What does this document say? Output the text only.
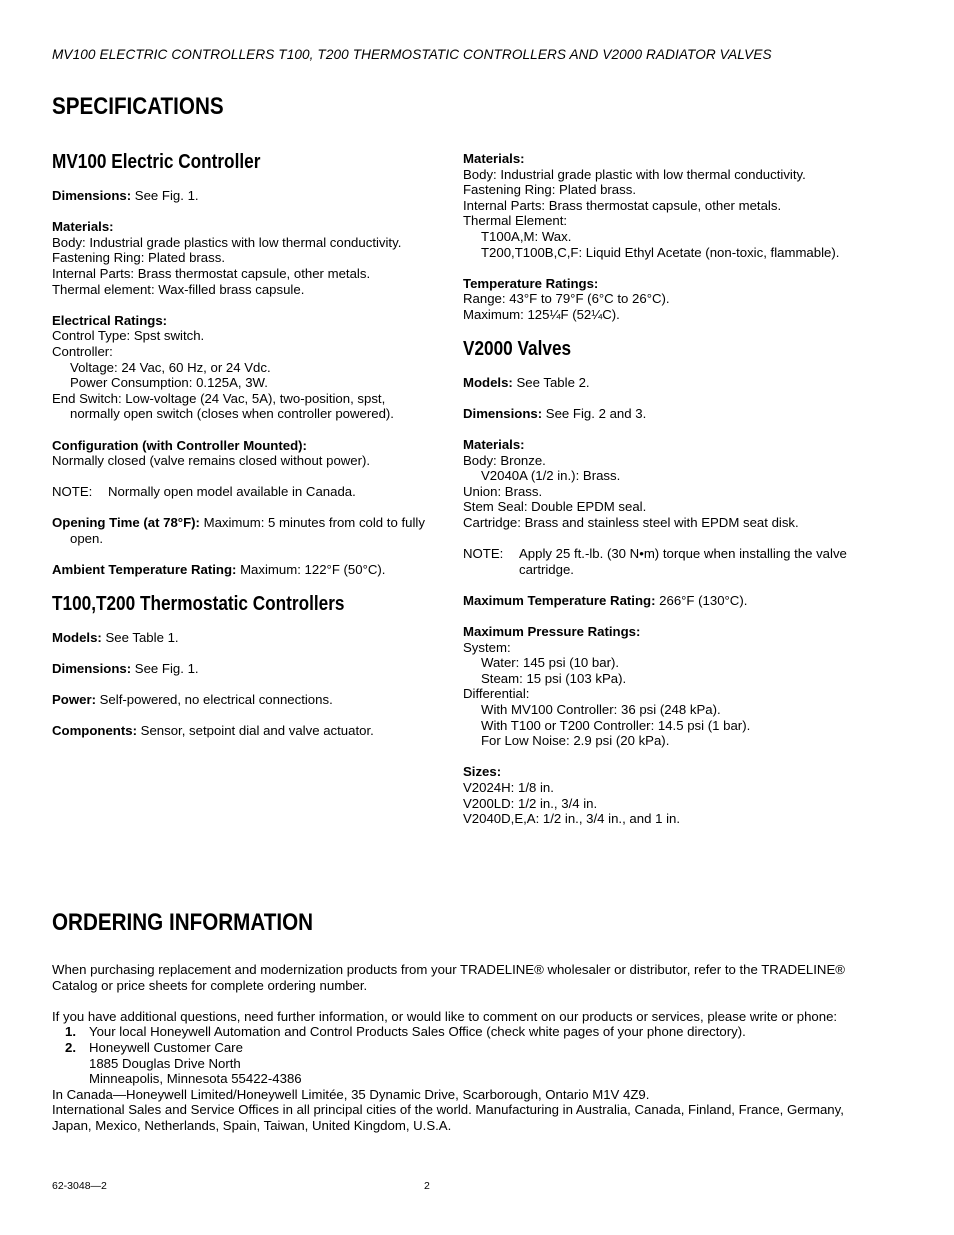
MV100 ELECTRIC CONTROLLERS T100, T200 THERMOSTATIC CONTROLLERS AND V2000 RADIATOR VALVES
SPECIFICATIONS
MV100 Electric Controller

Dimensions: See Fig. 1.

Materials:

Body: Industrial grade plastics with low thermal conductivity.

Fastening Ring: Plated brass.

Internal Parts: Brass thermostat capsule, other metals.

Thermal element: Wax-filled brass capsule.

Electrical Ratings:

Control Type: Spst switch.

Controller:

Voltage: 24 Vac, 60 Hz, or 24 Vdc.

Power Consumption: 0.125A, 3W.

End Switch: Low-voltage (24 Vac, 5A), two-position, spst, normally open switch (closes when controller powered).

Configuration (with Controller Mounted):

Normally closed (valve remains closed without power).

NOTE:	Normally open model available in Canada.

Opening Time (at 78°F): Maximum: 5 minutes from cold to fully open.

Ambient Temperature Rating: Maximum: 122°F (50°C).

T100,T200 Thermostatic Controllers

Models: See Table 1.

Dimensions: See Fig. 1.

Power: Self-powered, no electrical connections.

Components: Sensor, setpoint dial and valve actuator.

Materials:

Body: Industrial grade plastic with low thermal conductivity.

Fastening Ring: Plated brass.

Internal Parts: Brass thermostat capsule, other metals.

Thermal Element:

T100A,M: Wax.

T200,T100B,C,F: Liquid Ethyl Acetate (non-toxic, flammable).

Temperature Ratings:

Range: 43°F to 79°F (6°C to 26°C).

Maximum: 125¼F (52¼C).

V2000 Valves

Models: See Table 2.

Dimensions: See Fig. 2 and 3.

Materials:

Body: Bronze.

V2040A (1/2 in.): Brass.

Union: Brass.

Stem Seal: Double EPDM seal.

Cartridge: Brass and stainless steel with EPDM seat disk.

NOTE:	Apply 25 ft.-lb. (30 N•m) torque when installing the valve cartridge.

Maximum Temperature Rating: 266°F (130°C).

Maximum Pressure Ratings:

System:

Water: 145 psi (10 bar).

Steam: 15 psi (103 kPa).

Differential:

With MV100 Controller: 36 psi (248 kPa).

With T100 or T200 Controller: 14.5 psi (1 bar).

For Low Noise: 2.9 psi (20 kPa).

Sizes:

V2024H: 1/8 in.

V200LD: 1/2 in., 3/4 in.

V2040D,E,A: 1/2 in., 3/4 in., and 1 in.

ORDERING INFORMATION

When purchasing replacement and modernization products from your TRADELINE® wholesaler or distributor, refer to the TRADELINE® Catalog or price sheets for complete ordering number.

If you have additional questions, need further information, or would like to comment on our products or services, please write or phone:

1. Your local Honeywell Automation and Control Products Sales Office (check white pages of your phone directory).
2. Honeywell Customer Care
1885 Douglas Drive North
Minneapolis, Minnesota 55422-4386

In Canada—Honeywell Limited/Honeywell Limitée, 35 Dynamic Drive, Scarborough, Ontario M1V 4Z9.

International Sales and Service Offices in all principal cities of the world. Manufacturing in Australia, Canada, Finland, France, Germany, Japan, Mexico, Netherlands, Spain, Taiwan, United Kingdom, U.S.A.

62-3048—2	2
